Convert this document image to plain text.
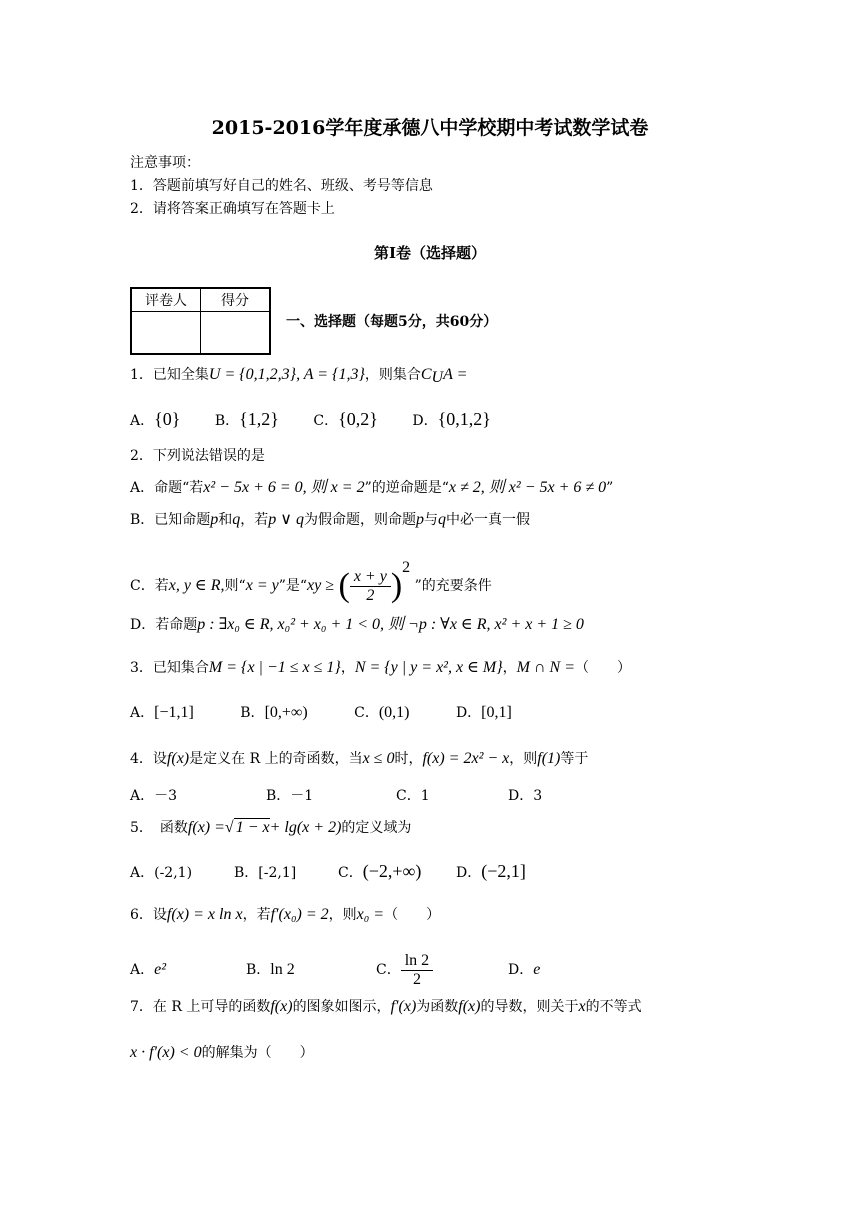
2015-2016学年度承德八中学校期中考试数学试卷
注意事项：
1．答题前填写好自己的姓名、班级、考号等信息
2．请将答案正确填写在答题卡上
第Ⅰ卷（选择题）
评卷人	得分

一、选择题（每题5分，共60分）
1．已知全集U = {0,1,2,3}, A = {1,3}，则集合$C_UA$ =
A．{0} B．{1,2} C．{0,2} D．{0,1,2}
2．下列说法错误的是
A．命题“若x² − 5x + 6 = 0, 则 x = 2”的逆命题是“x ≠ 2, 则 x² − 5x + 6 ≠ 0”
B．已知命题p和q，若p ∨ q为假命题，则命题p与q中必一真一假
C．若x, y ∈ R,则“x = y”是“xy ≥ ( $\frac{x + y}{2} )^2$ ”的充要条件
D．若命题p : ∃x₀ ∈ R, x₀² + x₀ + 1 < 0, 则 ¬p : ∀x ∈ R, x² + x + 1 ≥ 0
3．已知集合M = {x | −1 ≤ x ≤ 1}，N = {y | y = x², x ∈ M}，M ∩ N =（　　）
A．[−1,1]	B．[0,+∞)	C．(0,1)	D．[0,1]
4．设f(x)是定义在 R 上的奇函数，当x ≤ 0时，f(x) = 2x² − x，则f(1)等于
A．－3	B．－1	C．1	D．3
5．　函数f(x) =√ 1 − x+ lg(x + 2)的定义域为
A．(-2,1)	B．[-2,1]	C．(−2,+∞) D．(−2,1]
6．设f(x) = x ln x，若f′(x₀) = 2，则x₀ =（　　）
A．e²	B．ln 2	C． $\frac{\ln 2}{2}$	D．e
7．在 R 上可导的函数f(x)的图象如图示，f′(x)为函数f(x)的导数，则关于x的不等式
x · f′(x) < 0的解集为（　　）
